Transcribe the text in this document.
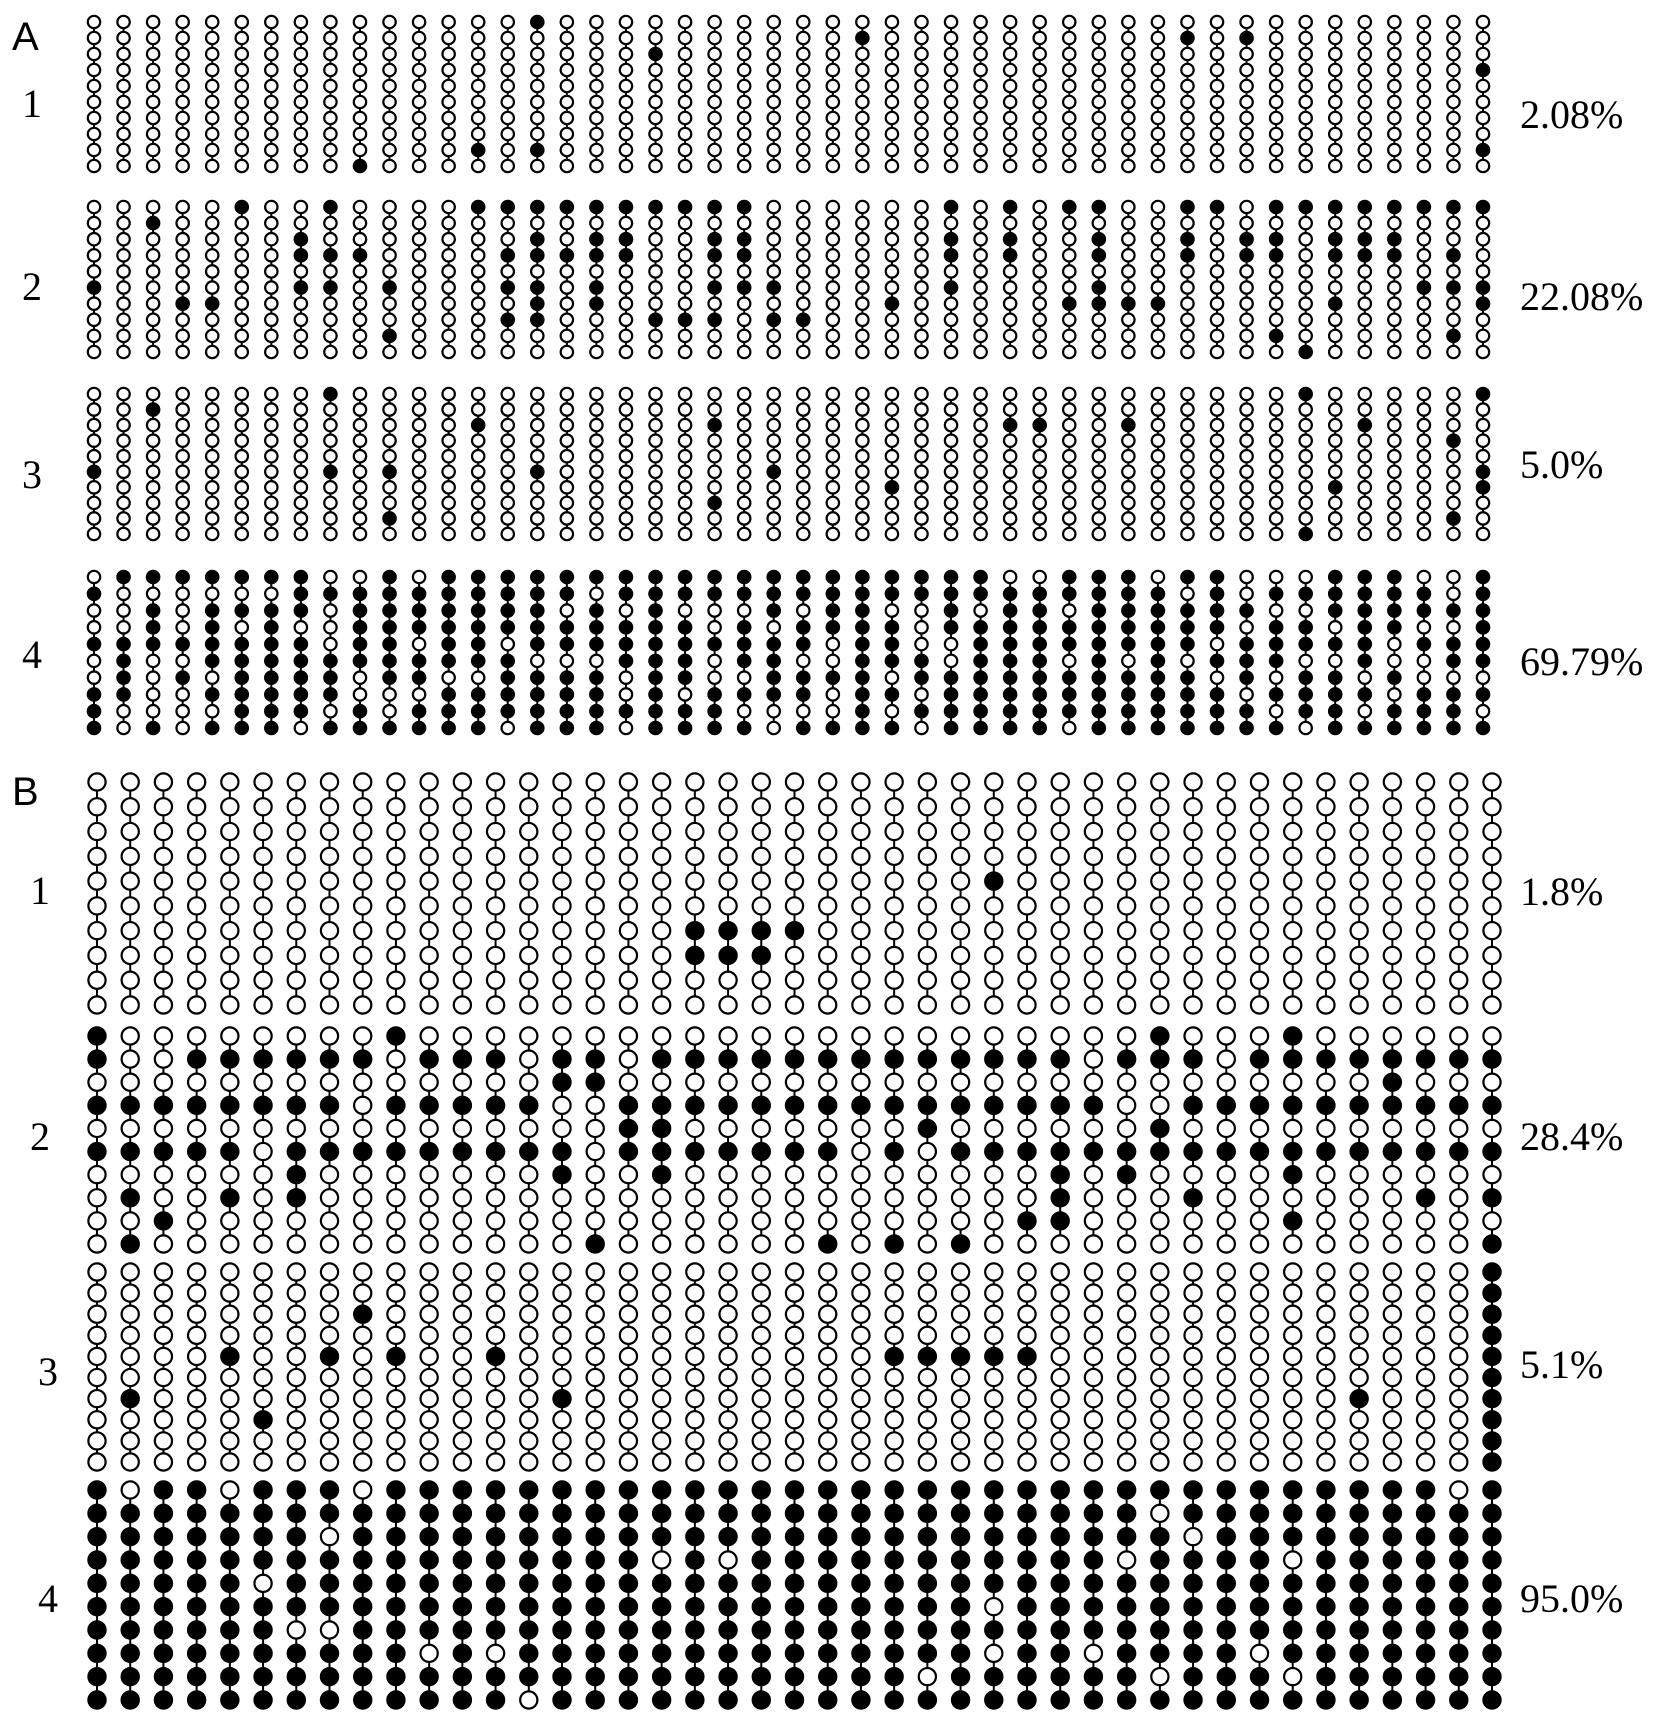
A
1	2.08%
2	22.08%
3	5.0%
4	69.79%
B
1	1.8%
2	28.4%
3	5.1%
4	95.0%
